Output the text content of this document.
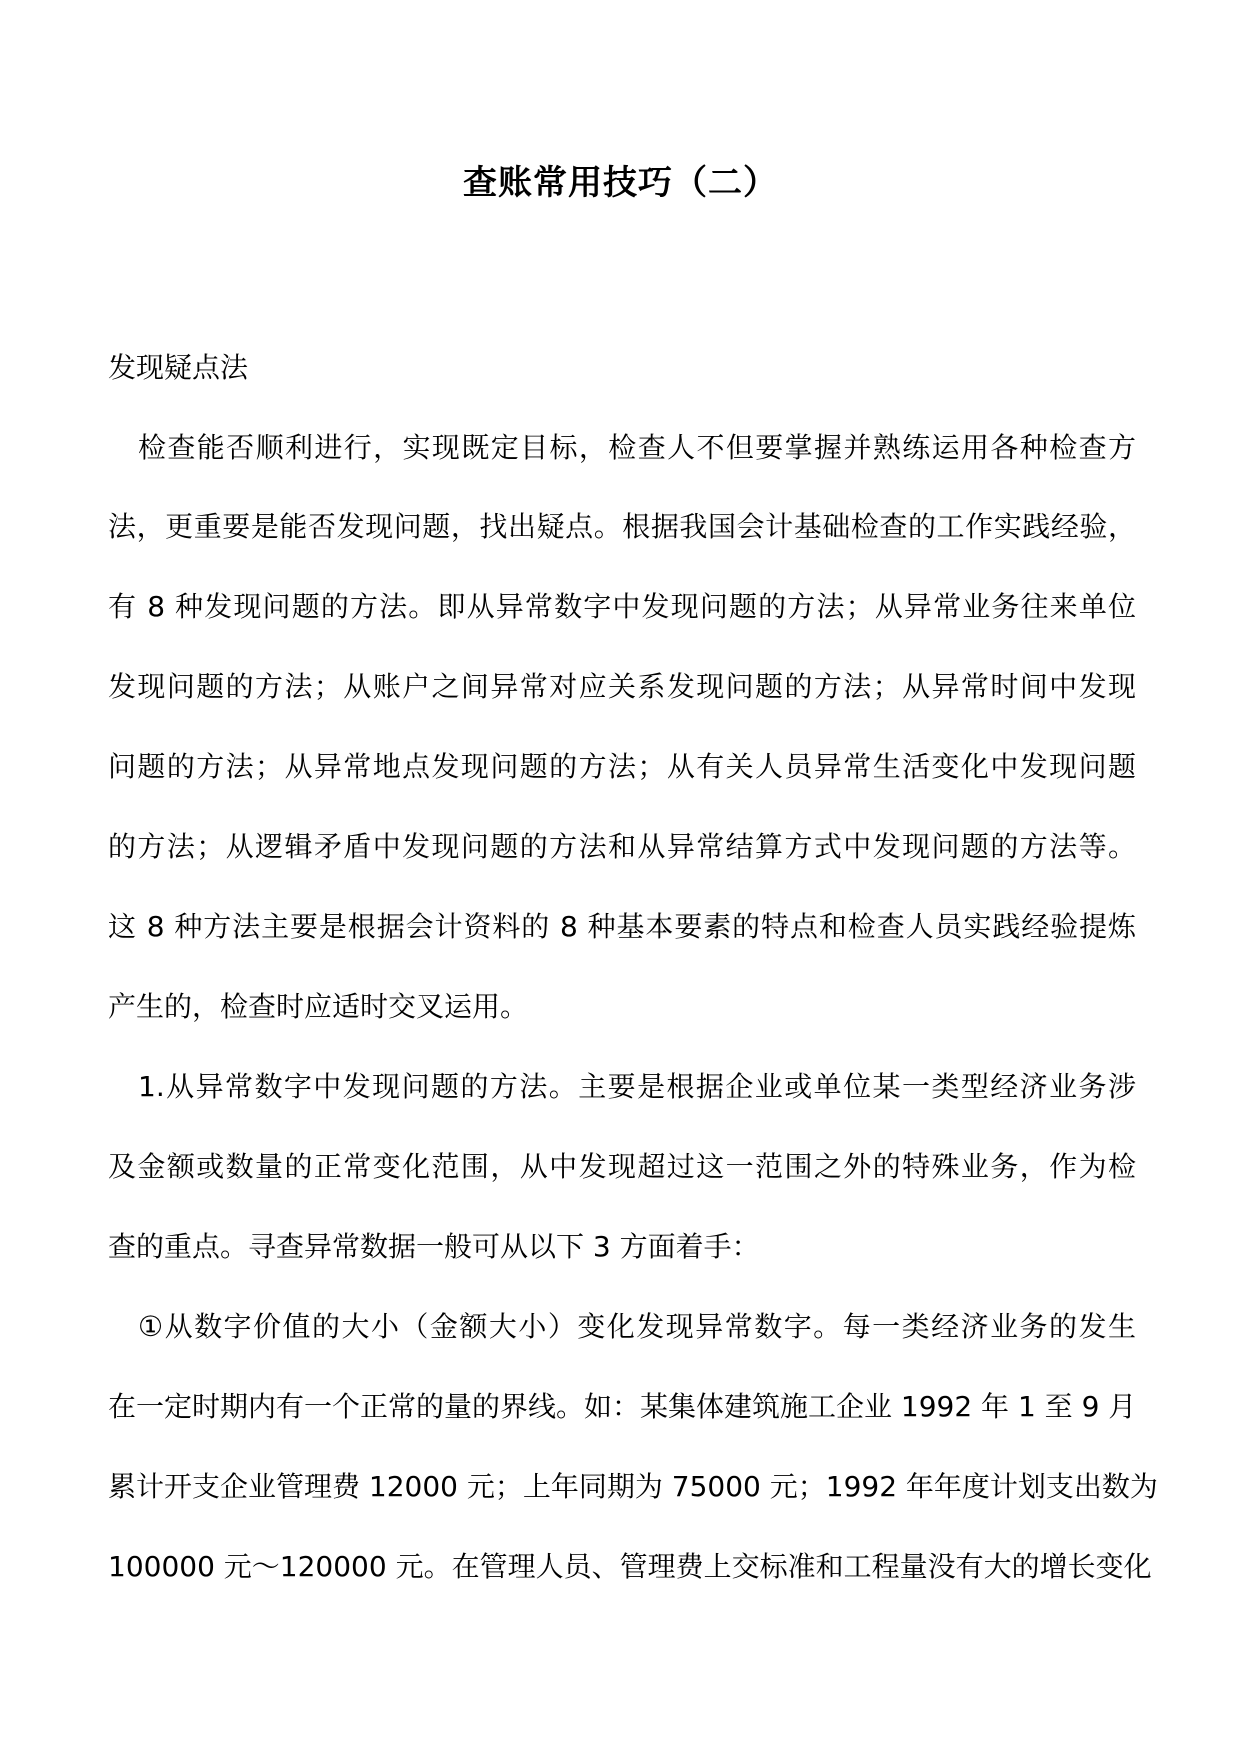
查账常用技巧（二）
发现疑点法
检查能否顺利进行，实现既定目标，检查人不但要掌握并熟练运用各种检查方
法，更重要是能否发现问题，找出疑点。根据我国会计基础检查的工作实践经验，
有 8 种发现问题的方法。即从异常数字中发现问题的方法；从异常业务往来单位
发现问题的方法；从账户之间异常对应关系发现问题的方法；从异常时间中发现
问题的方法；从异常地点发现问题的方法；从有关人员异常生活变化中发现问题
的方法；从逻辑矛盾中发现问题的方法和从异常结算方式中发现问题的方法等。
这 8 种方法主要是根据会计资料的 8 种基本要素的特点和检查人员实践经验提炼
产生的，检查时应适时交叉运用。
1.从异常数字中发现问题的方法。主要是根据企业或单位某一类型经济业务涉
及金额或数量的正常变化范围，从中发现超过这一范围之外的特殊业务，作为检
查的重点。寻查异常数据一般可从以下 3 方面着手：
①从数字价值的大小（金额大小）变化发现异常数字。每一类经济业务的发生
在一定时期内有一个正常的量的界线。如：某集体建筑施工企业 1992 年 1 至 9 月
累计开支企业管理费 12000 元；上年同期为 75000 元；1992 年年度计划支出数为
100000 元～120000 元。在管理人员、管理费上交标准和工程量没有大的增长变化
